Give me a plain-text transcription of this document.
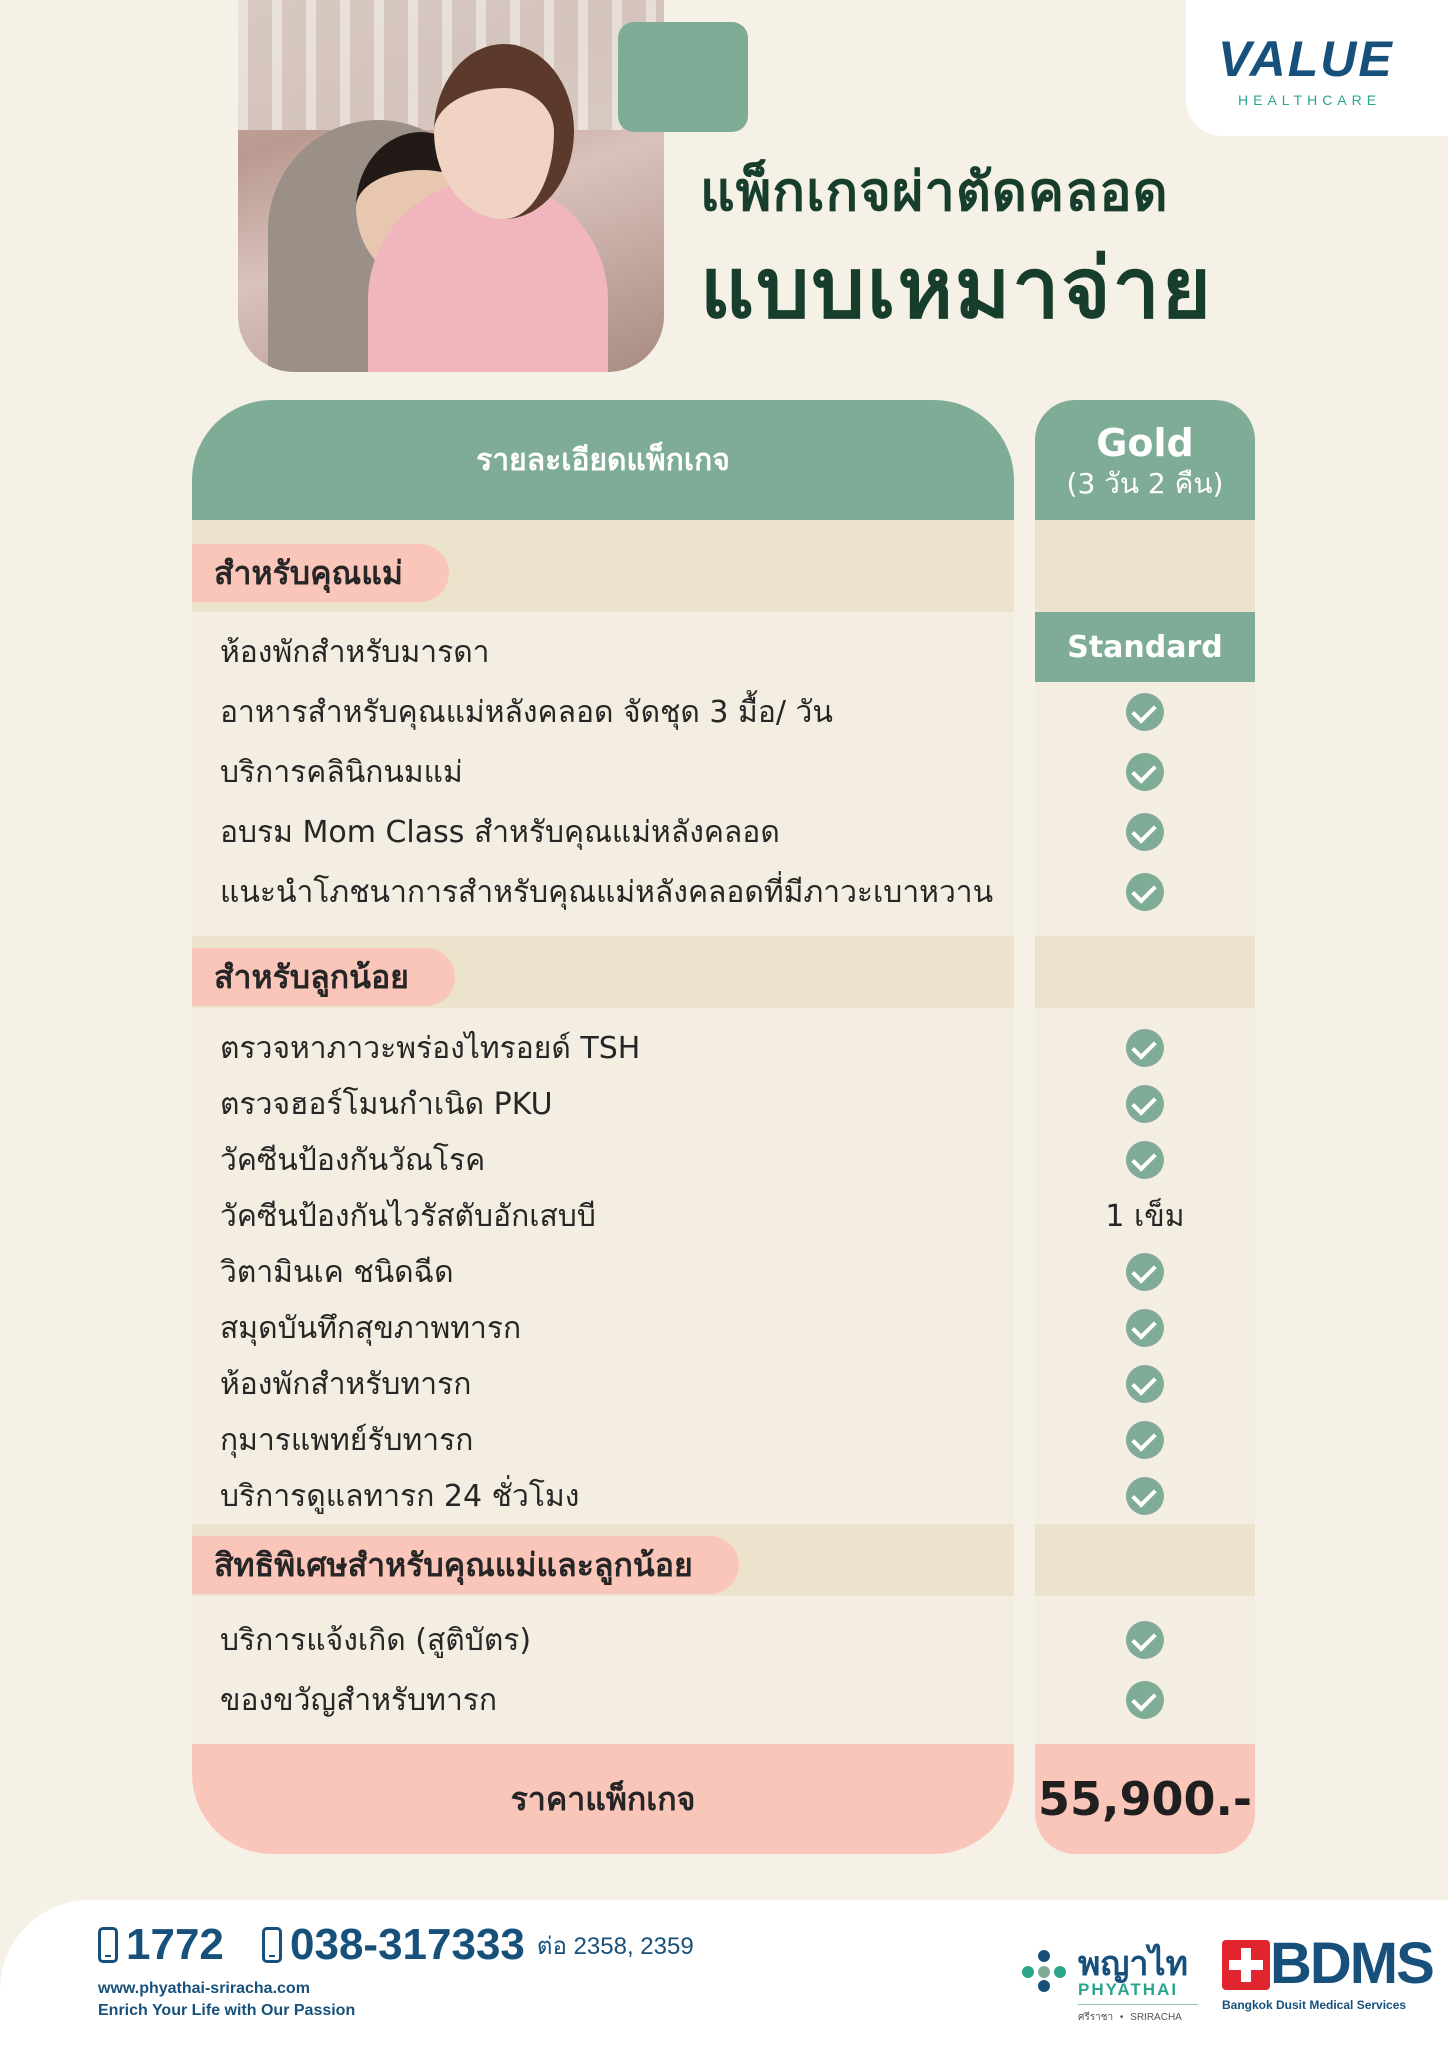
VALUE
HEALTHCARE
แพ็กเกจผ่าตัดคลอด
แบบเหมาจ่าย
รายละเอียดแพ็กเกจ
สำหรับคุณแม่
ห้องพักสำหรับมารดา
อาหารสำหรับคุณแม่หลังคลอด จัดชุด 3 มื้อ/ วัน
บริการคลินิกนมแม่
อบรม Mom Class สำหรับคุณแม่หลังคลอด
แนะนำโภชนาการสำหรับคุณแม่หลังคลอดที่มีภาวะเบาหวาน
สำหรับลูกน้อย
ตรวจหาภาวะพร่องไทรอยด์ TSH
ตรวจฮอร์โมนกำเนิด PKU
วัคซีนป้องกันวัณโรค
วัคซีนป้องกันไวรัสตับอักเสบบี
วิตามินเค ชนิดฉีด
สมุดบันทึกสุขภาพทารก
ห้องพักสำหรับทารก
กุมารแพทย์รับทารก
บริการดูแลทารก 24 ชั่วโมง
สิทธิพิเศษสำหรับคุณแม่และลูกน้อย
บริการแจ้งเกิด (สูติบัตร)
ของขวัญสำหรับทารก
ราคาแพ็กเกจ
Gold
(3 วัน 2 คืน)
Standard
1 เข็ม
55,900.-
1772 038-317333 ต่อ 2358, 2359
www.phyathai-sriracha.com
Enrich Your Life with Our Passion
พญาไท
PHYATHAI
ศรีราชา • SRIRACHA
BDMS
Bangkok Dusit Medical Services
